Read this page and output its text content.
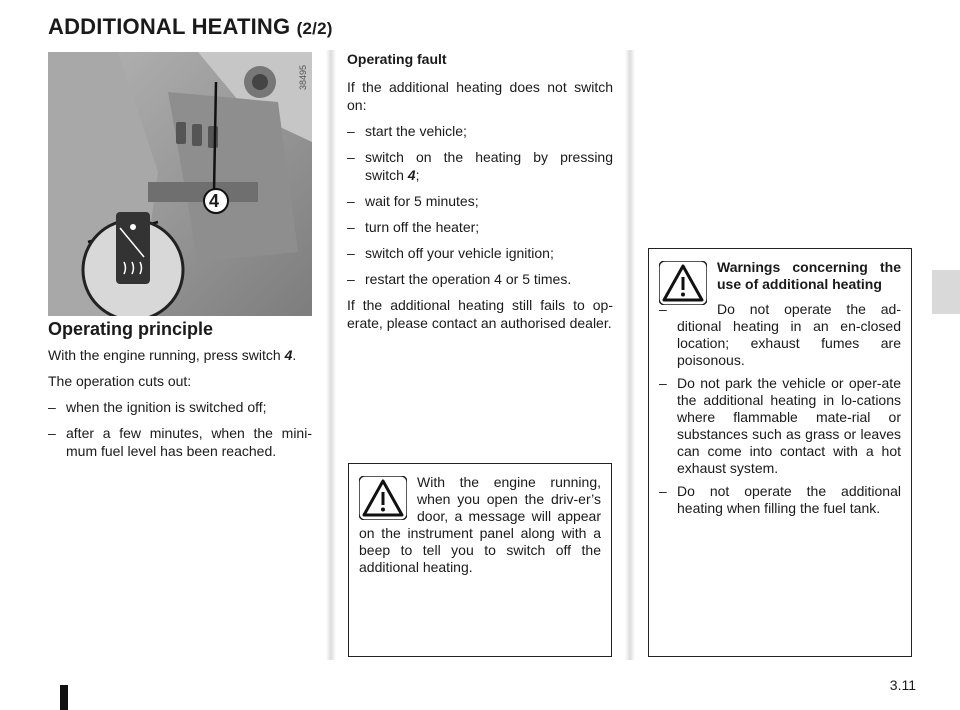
ADDITIONAL HEATING (2/2)
4
38495
Operating principle

With the engine running, press switch 4.

The operation cuts out:

– when the ignition is switched off;
– after a few minutes, when the mini-mum fuel level has been reached.
Operating fault

If the additional heating does not switch on:

– start the vehicle;
– switch on the heating by pressing switch 4;
– wait for 5 minutes;
– turn off the heater;
– switch off your vehicle ignition;
– restart the operation 4 or 5 times.

If the additional heating still fails to op-erate, please contact an authorised dealer.

With the engine running, when you open the driv-er’s door, a message will appear on the instrument panel along with a beep to tell you to switch off the additional heating.
Warnings concerning the use of additional heating
– Do not operate the ad-ditional heating in an en-closed location; exhaust fumes are poisonous.
– Do not park the vehicle or oper-ate the additional heating in lo-cations where flammable mate-rial or substances such as grass or leaves can come into contact with a hot exhaust system.
– Do not operate the additional heating when filling the fuel tank.
3.11
